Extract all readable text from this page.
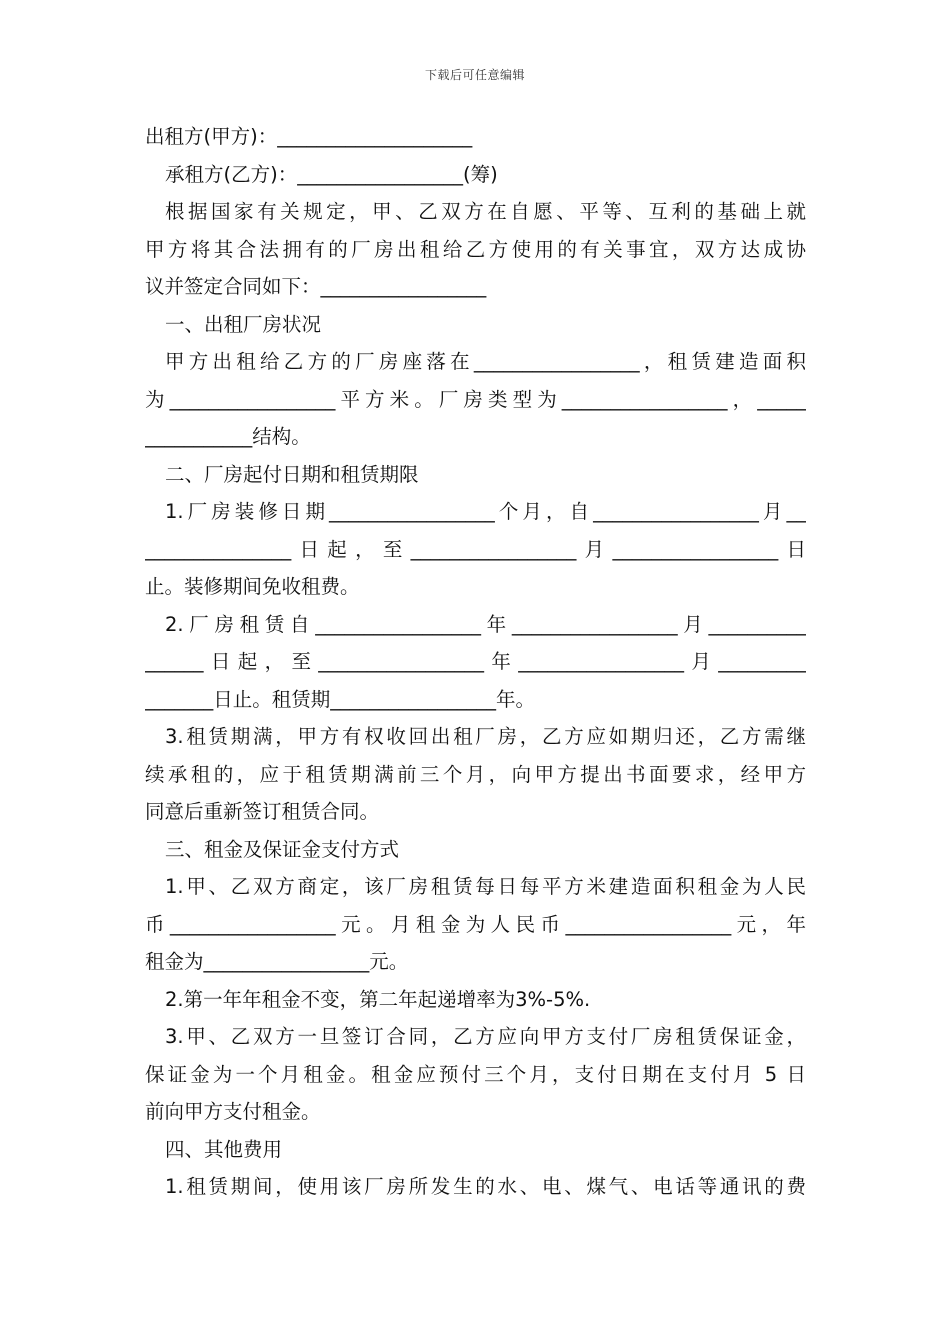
下载后可任意编辑
出租方(甲方)：____________________
承租方(乙方)：_________________(筹)
根据国家有关规定，甲、乙双方在自愿、平等、互利的基础上就
甲方将其合法拥有的厂房出租给乙方使用的有关事宜，双方达成协
议并签定合同如下：_________________
一、出租厂房状况
甲方出租给乙方的厂房座落在_________________，租赁建造面积
为_________________平方米。厂房类型为_________________，_____
___________结构。
二、厂房起付日期和租赁期限
1.厂房装修日期_________________个月，自_________________月__
_______________日起，至_________________月_________________日
止。装修期间免收租费。
2.厂房租赁自_________________年_________________月__________
______日起，至_________________年_________________月_________
_______日止。租赁期_________________年。
3.租赁期满，甲方有权收回出租厂房，乙方应如期归还，乙方需继
续承租的，应于租赁期满前三个月，向甲方提出书面要求，经甲方
同意后重新签订租赁合同。
三、租金及保证金支付方式
1.甲、乙双方商定，该厂房租赁每日每平方米建造面积租金为人民
币_________________元。月租金为人民币_________________元，年
租金为_________________元。
2.第一年年租金不变，第二年起递增率为3%-5%.
3.甲、乙双方一旦签订合同，乙方应向甲方支付厂房租赁保证金，
保证金为一个月租金。租金应预付三个月，支付日期在支付月 5 日
前向甲方支付租金。
四、其他费用
1.租赁期间，使用该厂房所发生的水、电、煤气、电话等通讯的费
